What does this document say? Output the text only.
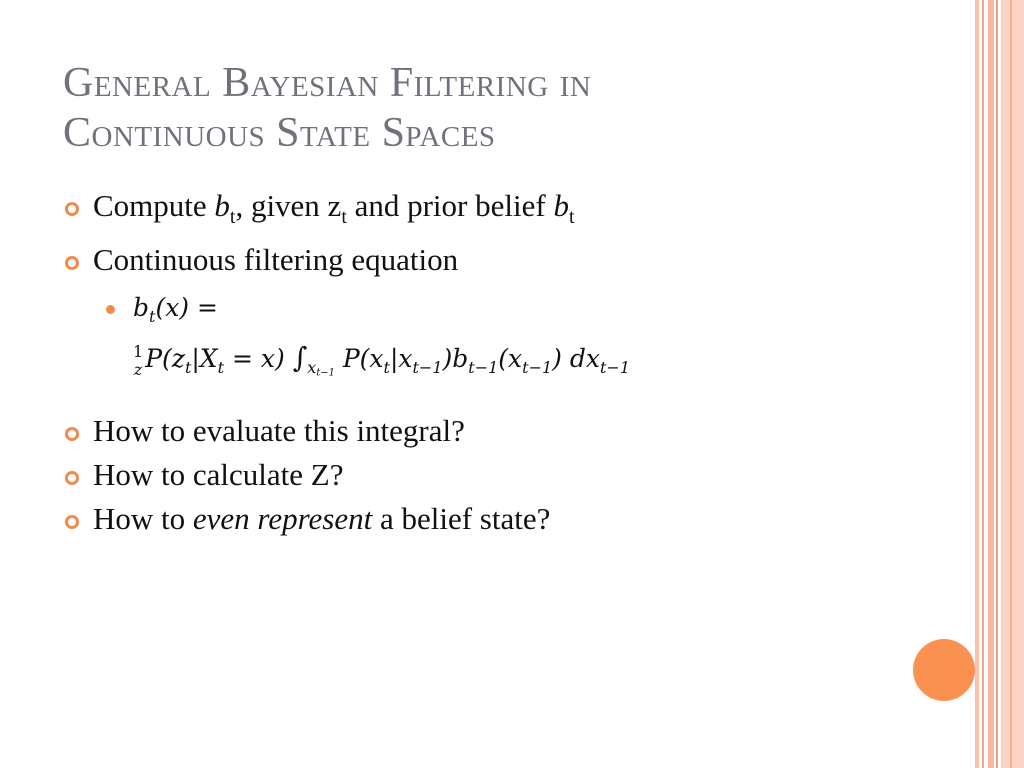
General Bayesian Filtering in
Continuous State Spaces
Compute $b_t$, given $z_t$ and prior belief $b_t$
Continuous filtering equation
$b_t(x)$ =
1
z $P(z_t|X_t = x)$ $\int_{xt-1}$ $P(x_t|x_{t-1})b_{t-1}(x_{t-1})$ $dx_{t-1}$
How to evaluate this integral?
How to calculate Z?
How to even represent a belief state?
